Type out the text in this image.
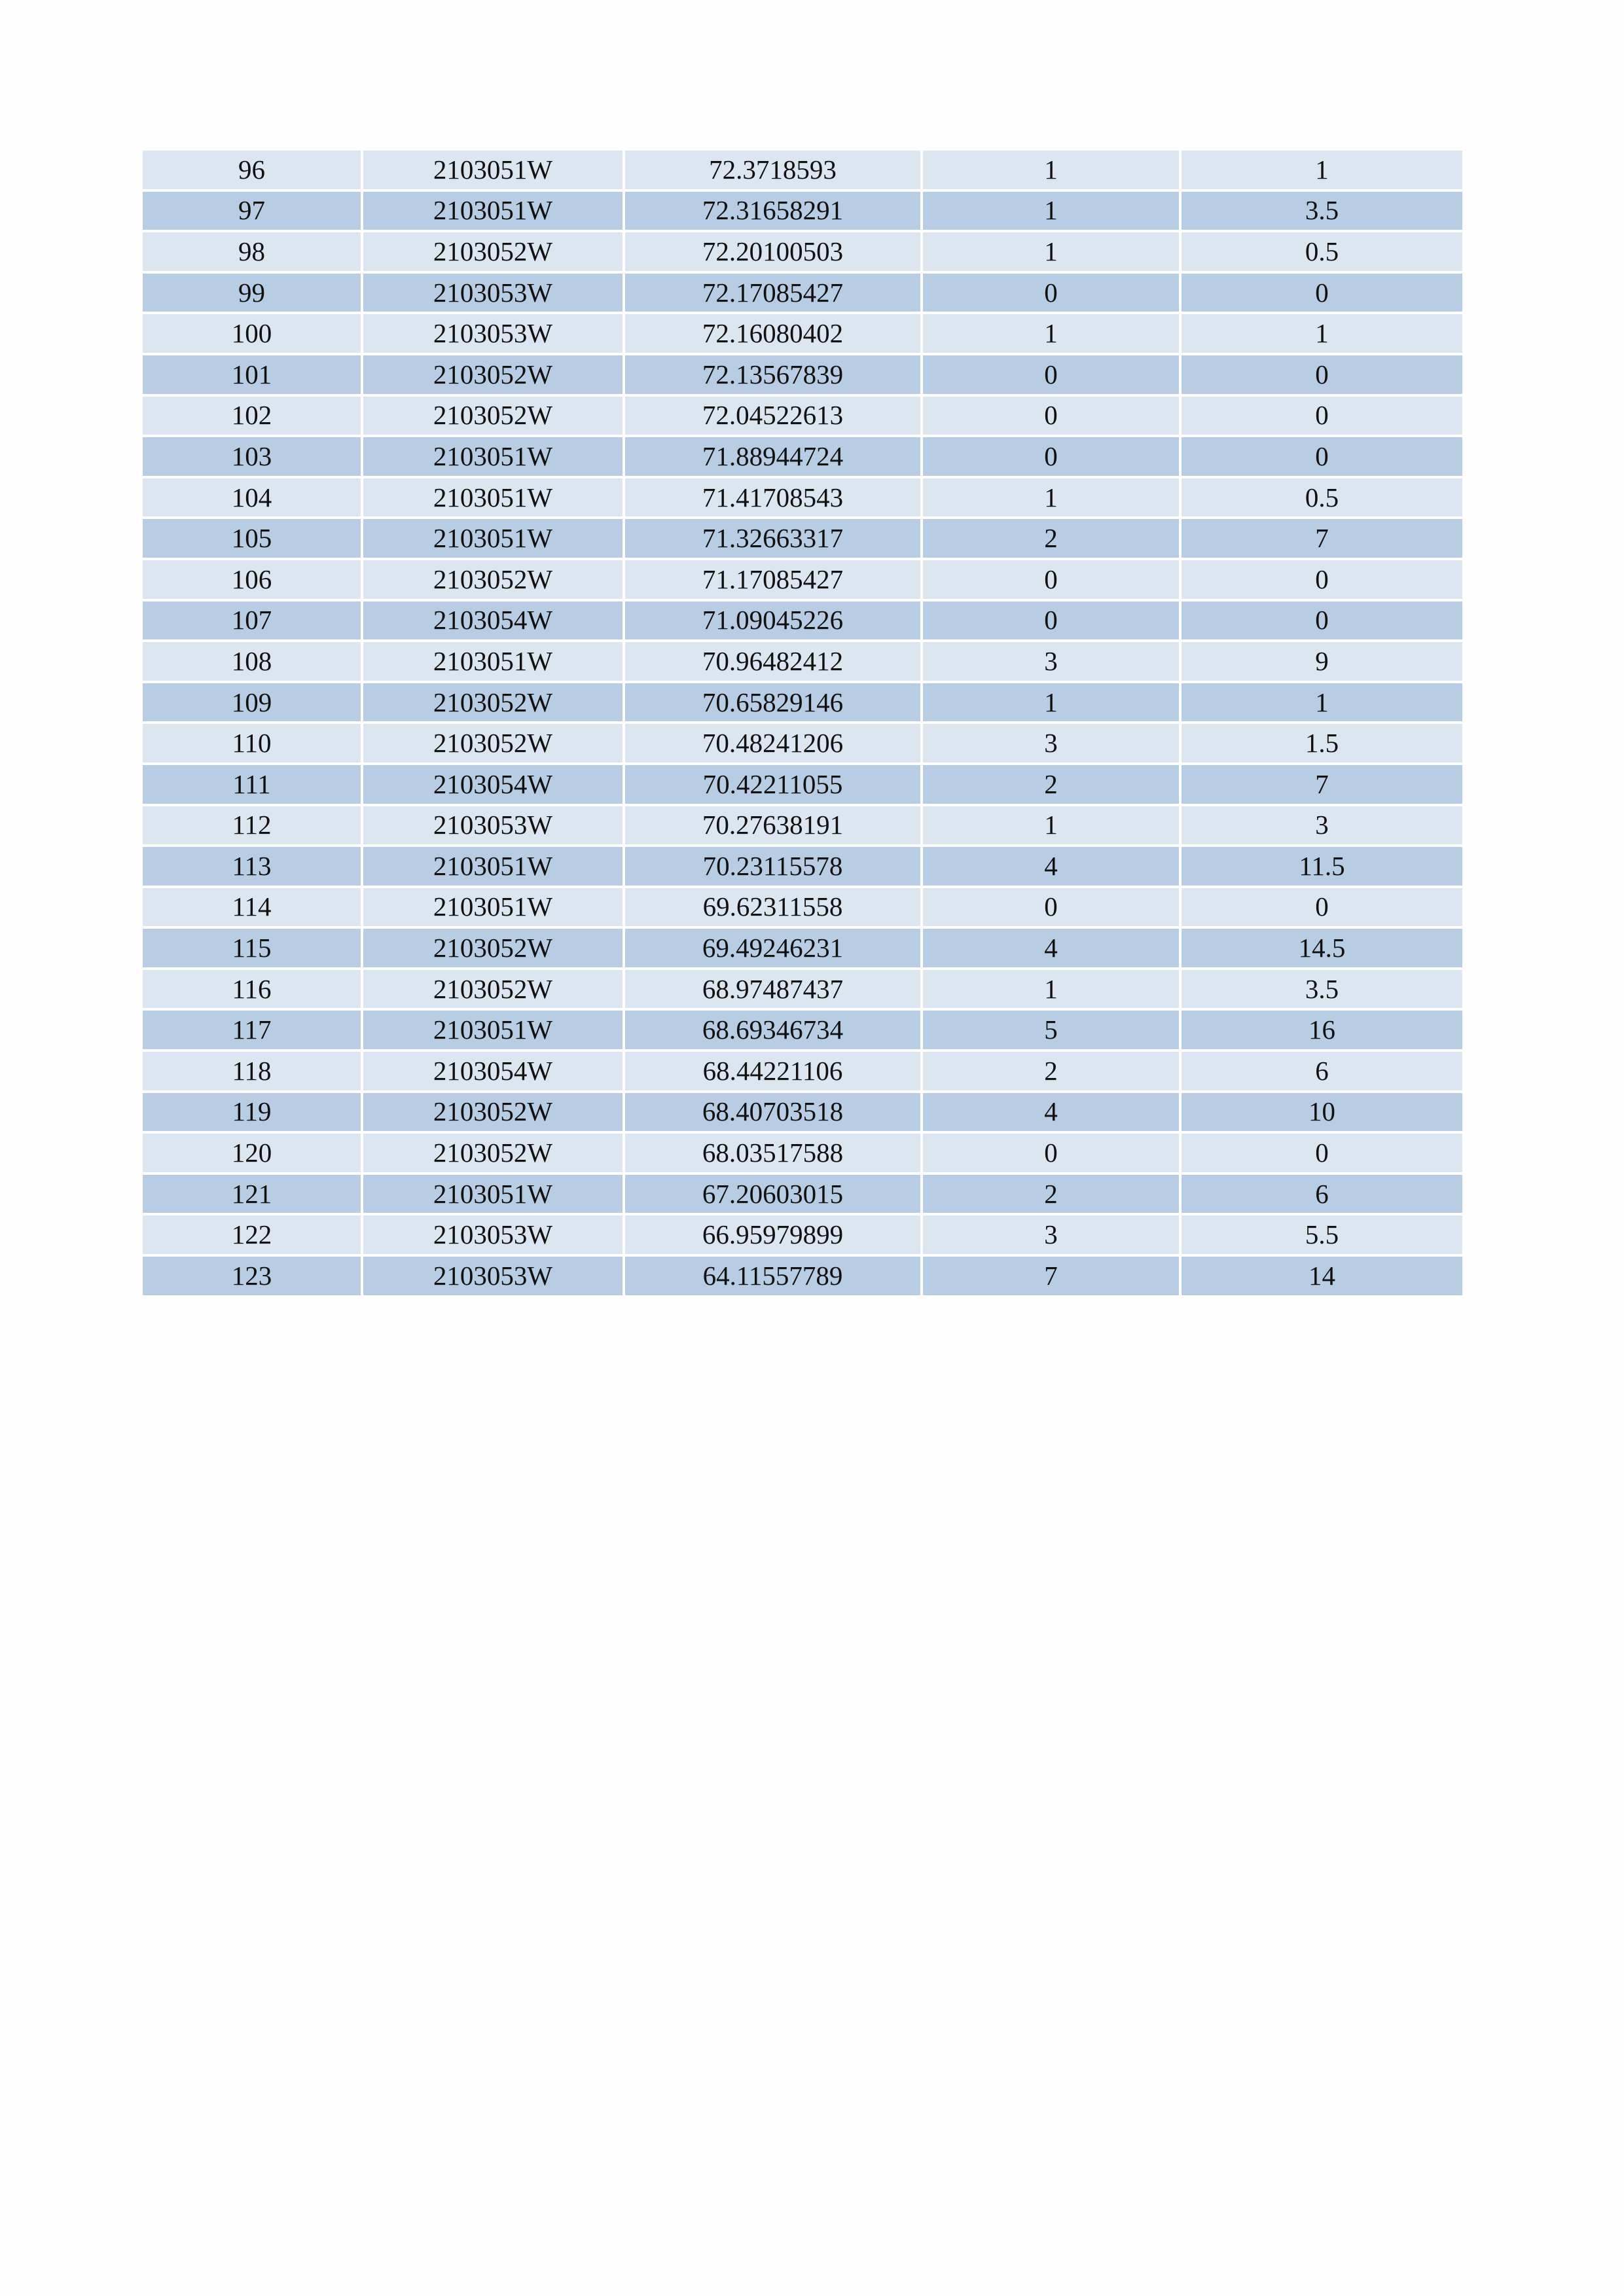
96	2103051W	72.3718593	1	1
97	2103051W	72.31658291	1	3.5
98	2103052W	72.20100503	1	0.5
99	2103053W	72.17085427	0	0
100	2103053W	72.16080402	1	1
101	2103052W	72.13567839	0	0
102	2103052W	72.04522613	0	0
103	2103051W	71.88944724	0	0
104	2103051W	71.41708543	1	0.5
105	2103051W	71.32663317	2	7
106	2103052W	71.17085427	0	0
107	2103054W	71.09045226	0	0
108	2103051W	70.96482412	3	9
109	2103052W	70.65829146	1	1
110	2103052W	70.48241206	3	1.5
111	2103054W	70.42211055	2	7
112	2103053W	70.27638191	1	3
113	2103051W	70.23115578	4	11.5
114	2103051W	69.62311558	0	0
115	2103052W	69.49246231	4	14.5
116	2103052W	68.97487437	1	3.5
117	2103051W	68.69346734	5	16
118	2103054W	68.44221106	2	6
119	2103052W	68.40703518	4	10
120	2103052W	68.03517588	0	0
121	2103051W	67.20603015	2	6
122	2103053W	66.95979899	3	5.5
123	2103053W	64.11557789	7	14
